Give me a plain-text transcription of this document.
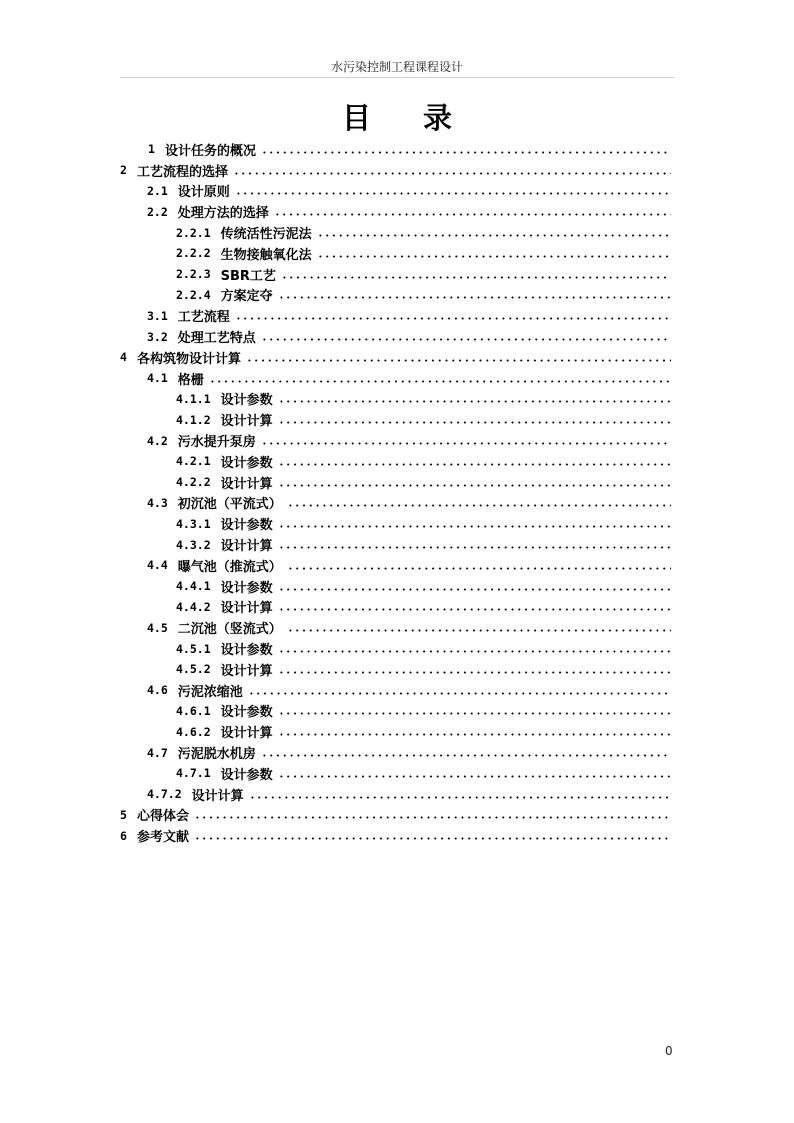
水污染控制工程课程设计
目录
1 设计任务的概况
2 工艺流程的选择
2.1 设计原则
2.2 处理方法的选择
2.2.1 传统活性污泥法
2.2.2 生物接触氧化法
2.2.3 SBR工艺
2.2.4 方案定夺
3.1 工艺流程
3.2 处理工艺特点
4 各构筑物设计计算
4.1 格栅
4.1.1 设计参数
4.1.2 设计计算
4.2 污水提升泵房
4.2.1 设计参数
4.2.2 设计计算
4.3 初沉池（平流式）
4.3.1 设计参数
4.3.2 设计计算
4.4 曝气池（推流式）
4.4.1 设计参数
4.4.2 设计计算
4.5 二沉池（竖流式）
4.5.1 设计参数
4.5.2 设计计算
4.6 污泥浓缩池
4.6.1 设计参数
4.6.2 设计计算
4.7 污泥脱水机房
4.7.1 设计参数
4.7.2 设计计算
5 心得体会
6 参考文献
0
